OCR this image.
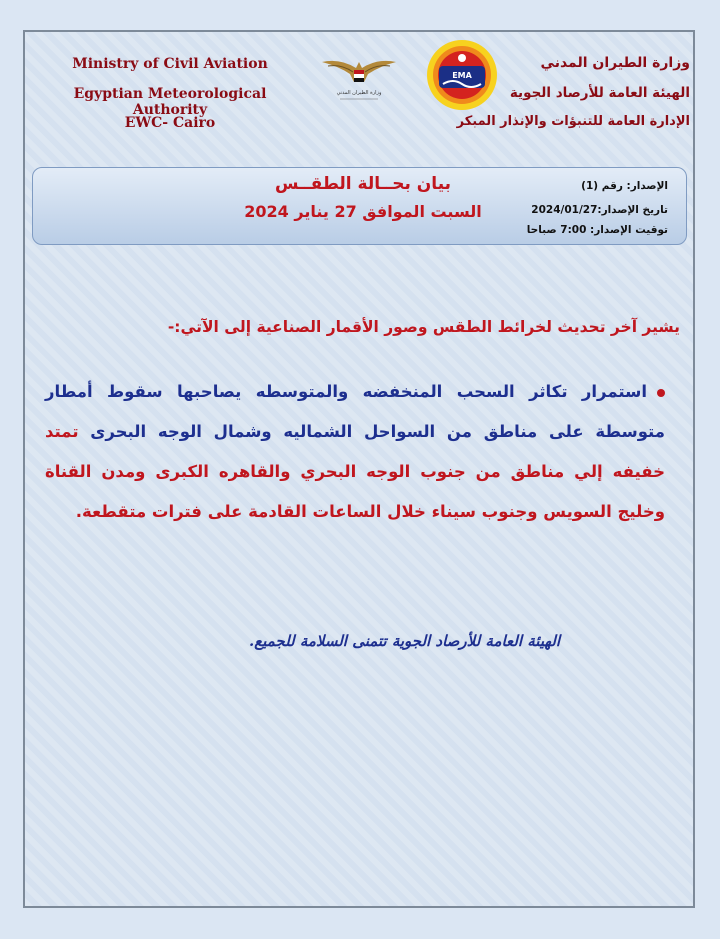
Ministry of Civil Aviation
Egyptian Meteorological Authority
EWC- Cairo
وزارة الطيران المدني
EMA
وزارة الطيران المدني
الهيئة العامة للأرصاد الجوية
الإدارة العامة للتنبؤات والإنذار المبكر
بيان بحــالة الطقــس
السبت الموافق 27 يناير 2024
الإصدار: رقم (1)
تاريخ الإصدار:2024/01/27
توقيت الإصدار: 7:00 صباحا
يشير آخر تحديث لخرائط الطقس وصور الأقمار الصناعية إلى الآتي:-
استمرار تكاثر السحب المنخفضه والمتوسطه يصاحبها سقوط أمطار متوسطة على مناطق من السواحل الشماليه وشمال الوجه البحرى تمتد خفيفه إلي مناطق من جنوب الوجه البحري والقاهره الكبرى ومدن القناة وخليج السويس وجنوب سيناء خلال الساعات القادمة على فترات متقطعة.
الهيئة العامة للأرصاد الجوية تتمنى السلامة للجميع.
